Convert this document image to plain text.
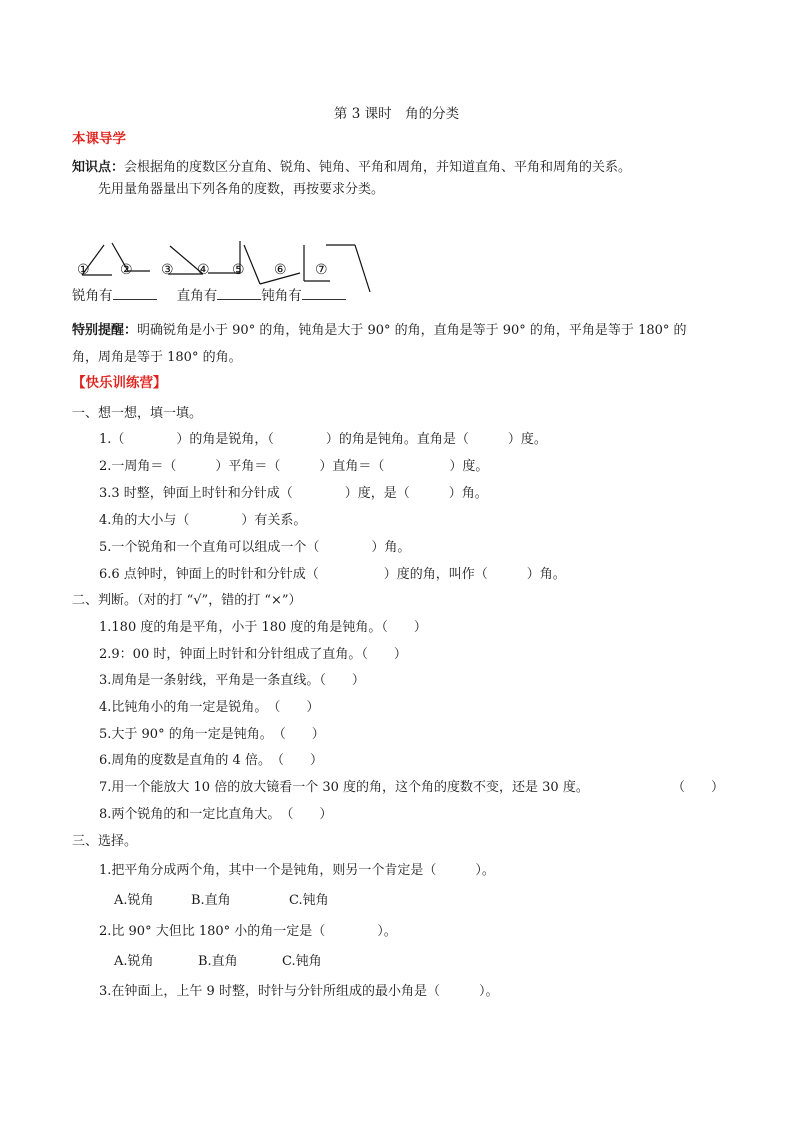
第 3 课时　角的分类
本课导学
知识点：会根据角的度数区分直角、锐角、钝角、平角和周角，并知道直角、平角和周角的关系。
先用量角器量出下列各角的度数，再按要求分类。
① ② ③ ④ ⑤ ⑥ ⑦
锐角有	直角有	钝角有
特别提醒：明确锐角是小于 90° 的角，钝角是大于 90° 的角，直角是等于 90° 的角，平角是等于 180° 的
角，周角是等于 180° 的角。
【快乐训练营】
一、想一想，填一填。
1.（　　　　）的角是锐角，（　　　　）的角是钝角。直角是（　　　）度。
2.一周角＝（　　　）平角＝（　　　）直角＝（　　　　　）度。
3.3 时整，钟面上时针和分针成（　　　　）度，是（　　　）角。
4.角的大小与（　　　　）有关系。
5.一个锐角和一个直角可以组成一个（　　　　）角。
6.6 点钟时，钟面上的时针和分针成（　　　　　）度的角，叫作（　　　）角。
二、判断。（对的打 “√”，错的打 “×”）
1.180 度的角是平角，小于 180 度的角是钝角。（　　）
2.9：00 时，钟面上时针和分针组成了直角。（　　）
3.周角是一条射线，平角是一条直线。（　　）
4.比钝角小的角一定是锐角。　（　　）
5.大于 90° 的角一定是钝角。　（　　）
6.周角的度数是直角的 4 倍。　（　　）
7.用一个能放大 10 倍的放大镜看一个 30 度的角，这个角的度数不变，还是 30 度。	（　　）
8.两个锐角的和一定比直角大。　（　　）
三、选择。
1.把平角分成两个角，其中一个是钝角，则另一个肯定是（　　　）。
A.锐角	B.直角	C.钝角
2.比 90° 大但比 180° 小的角一定是（　　　　）。
A.锐角	B.直角	C.钝角
3.在钟面上，上午 9 时整，时针与分针所组成的最小角是（　　　）。
